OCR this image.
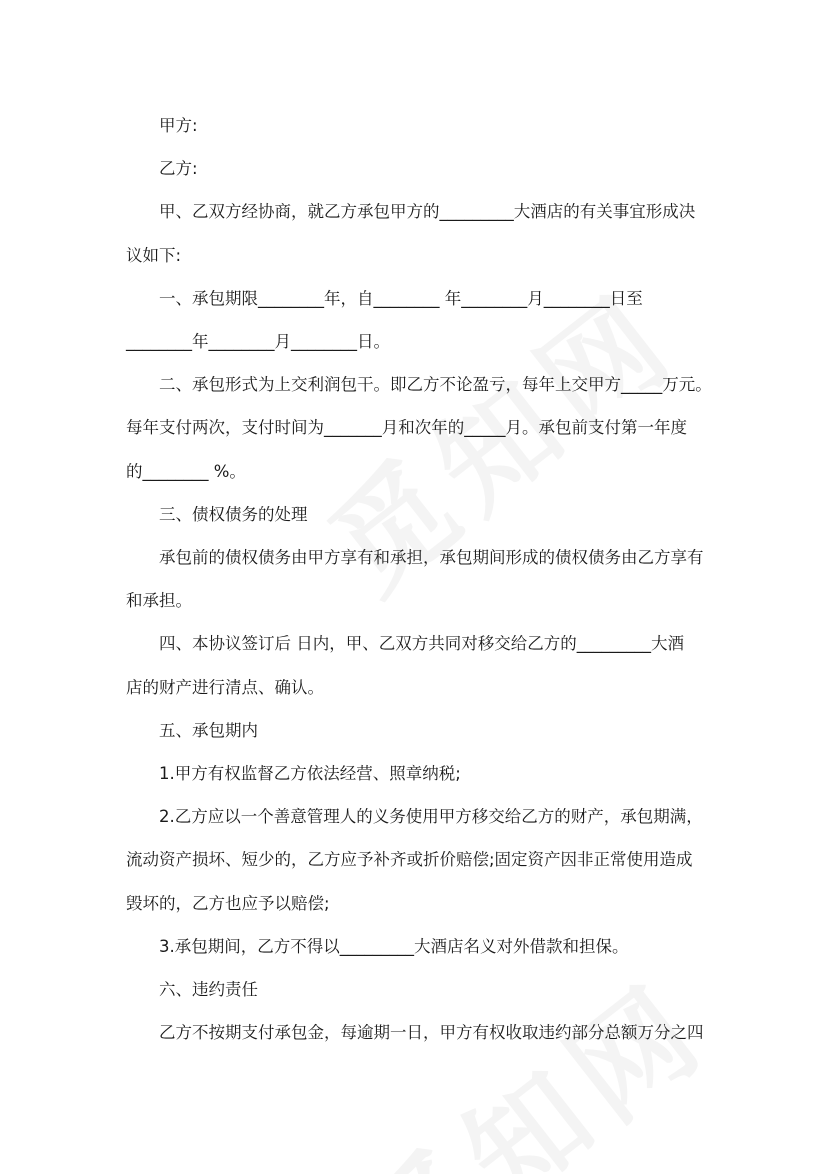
甲方:

乙方:

甲、乙双方经协商，就乙方承包甲方的_________大酒店的有关事宜形成决

议如下:

一、承包期限________年，自________ 年________月________日至

________年________月________日。

二、承包形式为上交利润包干。即乙方不论盈亏，每年上交甲方_____万元。

每年支付两次，支付时间为_______月和次年的_____月。承包前支付第一年度

的________ %。

三、债权债务的处理

承包前的债权债务由甲方享有和承担，承包期间形成的债权债务由乙方享有

和承担。

四、本协议签订后 日内，甲、乙双方共同对移交给乙方的_________大酒

店的财产进行清点、确认。

五、承包期内

1.甲方有权监督乙方依法经营、照章纳税;

2.乙方应以一个善意管理人的义务使用甲方移交给乙方的财产，承包期满，

流动资产损坏、短少的，乙方应予补齐或折价赔偿;固定资产因非正常使用造成

毁坏的，乙方也应予以赔偿;

3.承包期间，乙方不得以_________大酒店名义对外借款和担保。

六、违约责任

乙方不按期支付承包金，每逾期一日，甲方有权收取违约部分总额万分之四
